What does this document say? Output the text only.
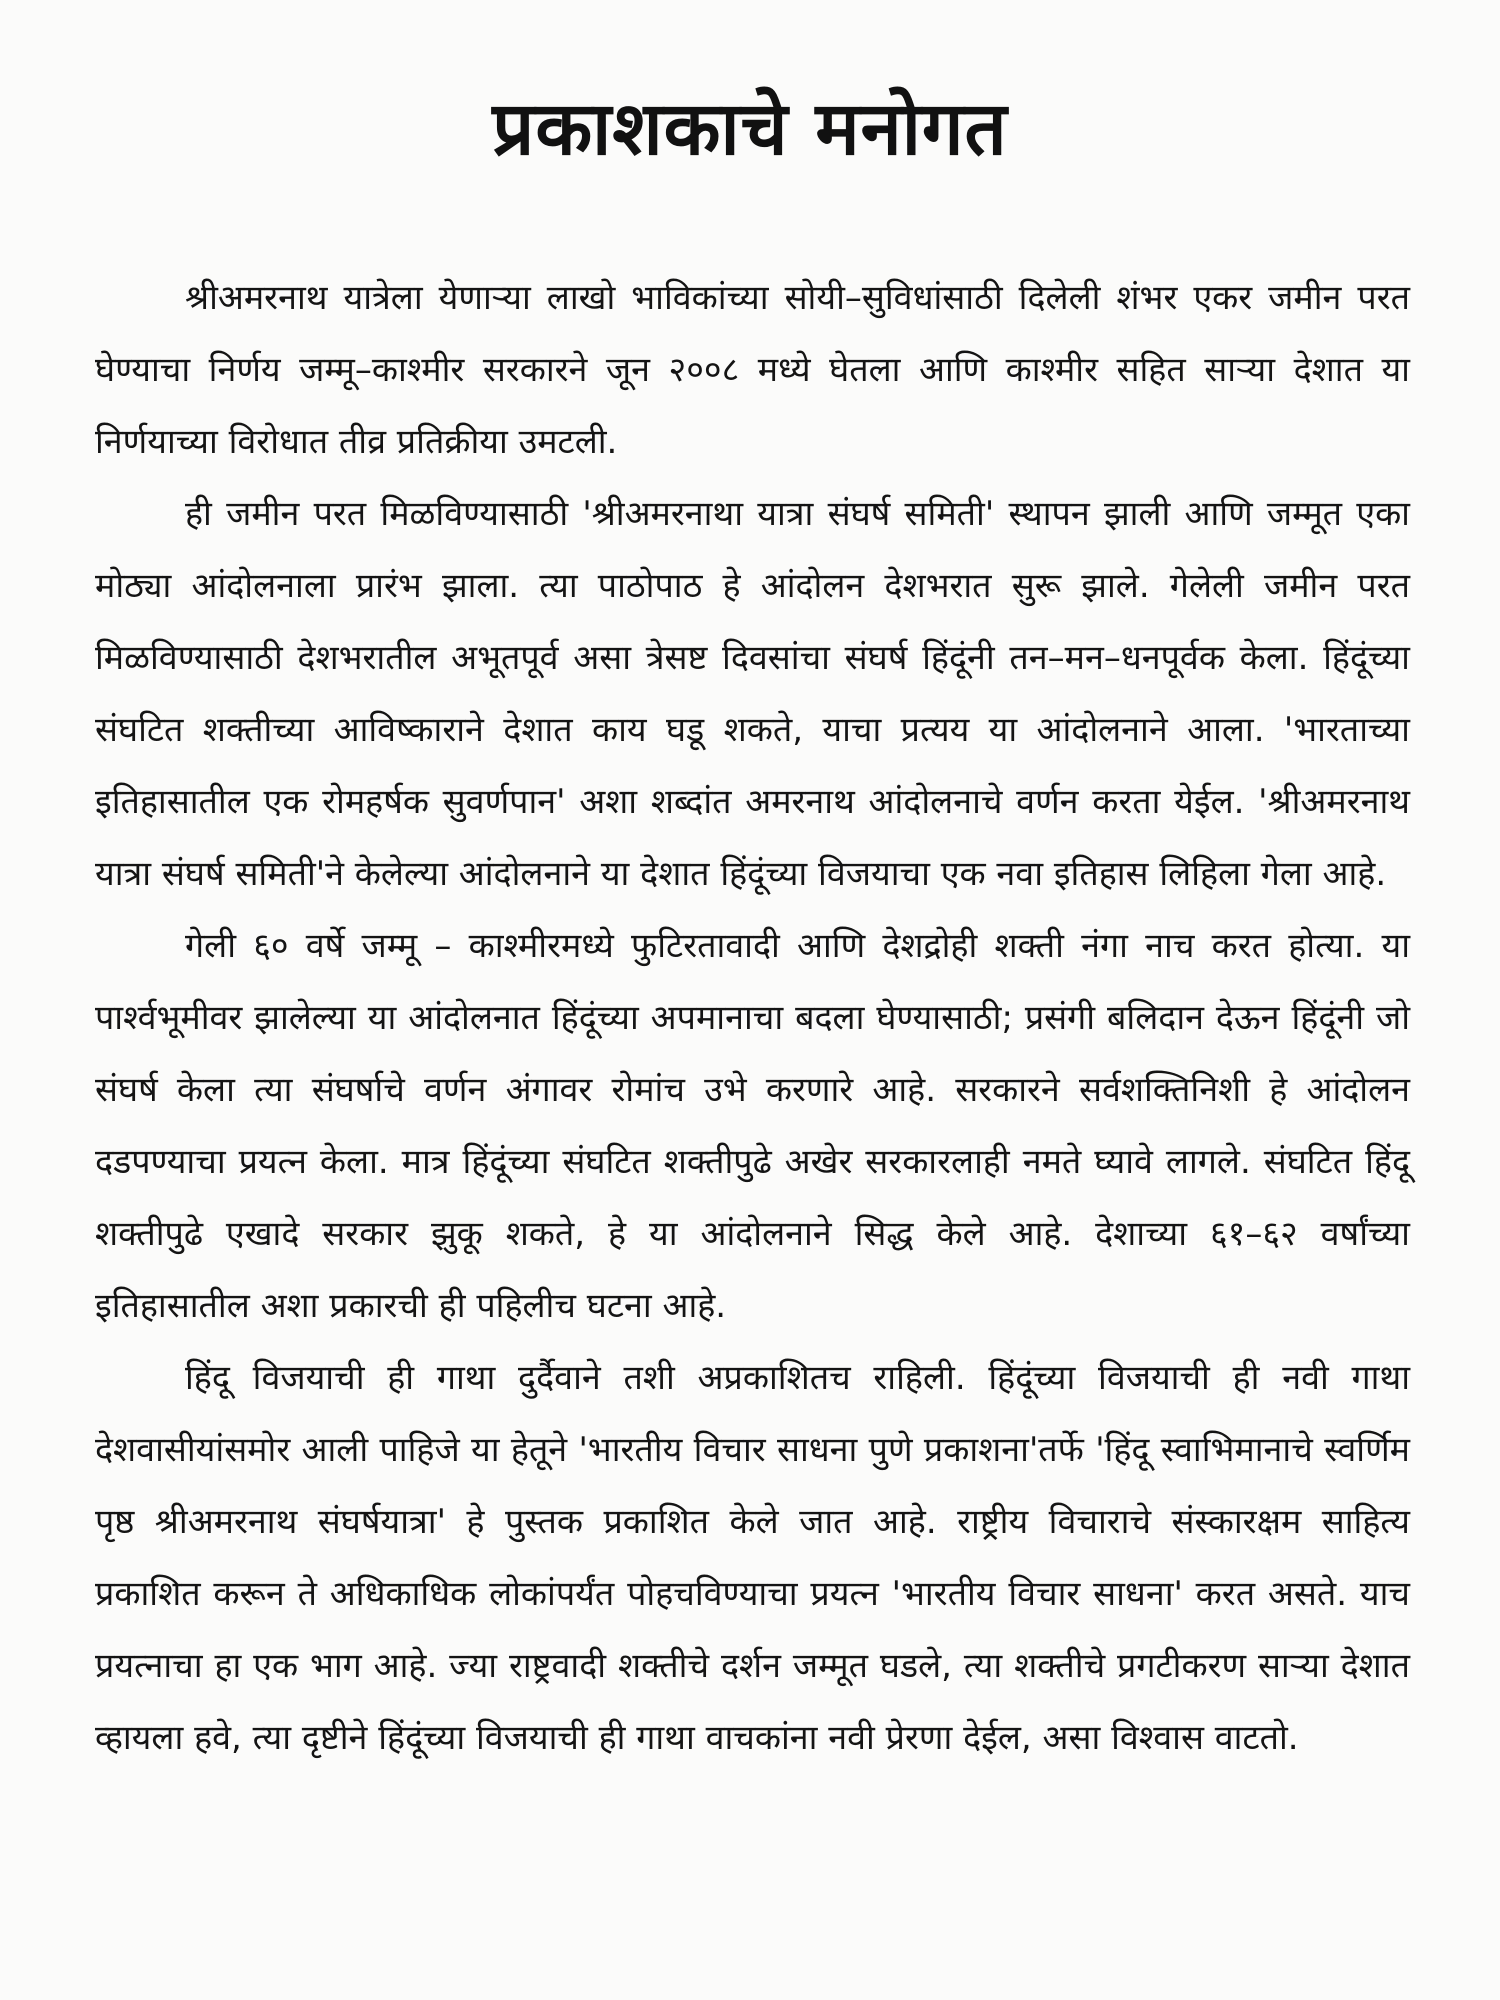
प्रकाशकाचे मनोगत

श्रीअमरनाथ यात्रेला येणाऱ्या लाखो भाविकांच्या सोयी–सुविधांसाठी दिलेली शंभर एकर जमीन परत घेण्याचा निर्णय जम्मू–काश्मीर सरकारने जून २००८ मध्ये घेतला आणि काश्मीर सहित साऱ्या देशात या निर्णयाच्या विरोधात तीव्र प्रतिक्रीया उमटली.

ही जमीन परत मिळविण्यासाठी 'श्रीअमरनाथा यात्रा संघर्ष समिती' स्थापन झाली आणि जम्मूत एका मोठ्या आंदोलनाला प्रारंभ झाला. त्या पाठोपाठ हे आंदोलन देशभरात सुरू झाले. गेलेली जमीन परत मिळविण्यासाठी देशभरातील अभूतपूर्व असा त्रेसष्ट दिवसांचा संघर्ष हिंदूंनी तन–मन–धनपूर्वक केला. हिंदूंच्या संघटित शक्तीच्या आविष्काराने देशात काय घडू शकते, याचा प्रत्यय या आंदोलनाने आला. 'भारताच्या इतिहासातील एक रोमहर्षक सुवर्णपान' अशा शब्दांत अमरनाथ आंदोलनाचे वर्णन करता येईल. 'श्रीअमरनाथ यात्रा संघर्ष समिती'ने केलेल्या आंदोलनाने या देशात हिंदूंच्या विजयाचा एक नवा इतिहास लिहिला गेला आहे.

गेली ६० वर्षे जम्मू – काश्मीरमध्ये फुटिरतावादी आणि देशद्रोही शक्ती नंगा नाच करत होत्या. या पार्श्वभूमीवर झालेल्या या आंदोलनात हिंदूंच्या अपमानाचा बदला घेण्यासाठी; प्रसंगी बलिदान देऊन हिंदूंनी जो संघर्ष केला त्या संघर्षाचे वर्णन अंगावर रोमांच उभे करणारे आहे. सरकारने सर्वशक्तिनिशी हे आंदोलन दडपण्याचा प्रयत्न केला. मात्र हिंदूंच्या संघटित शक्तीपुढे अखेर सरकारलाही नमते घ्यावे लागले. संघटित हिंदू शक्तीपुढे एखादे सरकार झुकू शकते, हे या आंदोलनाने सिद्ध केले आहे. देशाच्या ६१–६२ वर्षांच्या इतिहासातील अशा प्रकारची ही पहिलीच घटना आहे.

हिंदू विजयाची ही गाथा दुर्दैवाने तशी अप्रकाशितच राहिली. हिंदूंच्या विजयाची ही नवी गाथा देशवासीयांसमोर आली पाहिजे या हेतूने 'भारतीय विचार साधना पुणे प्रकाशना'तर्फे 'हिंदू स्वाभिमानाचे स्वर्णिम पृष्ठ श्रीअमरनाथ संघर्षयात्रा' हे पुस्तक प्रकाशित केले जात आहे. राष्ट्रीय विचाराचे संस्कारक्षम साहित्य प्रकाशित करून ते अधिकाधिक लोकांपर्यंत पोहचविण्याचा प्रयत्न 'भारतीय विचार साधना' करत असते. याच प्रयत्नाचा हा एक भाग आहे. ज्या राष्ट्रवादी शक्तीचे दर्शन जम्मूत घडले, त्या शक्तीचे प्रगटीकरण साऱ्या देशात व्हायला हवे, त्या दृष्टीने हिंदूंच्या विजयाची ही गाथा वाचकांना नवी प्रेरणा देईल, असा विश्वास वाटतो.
